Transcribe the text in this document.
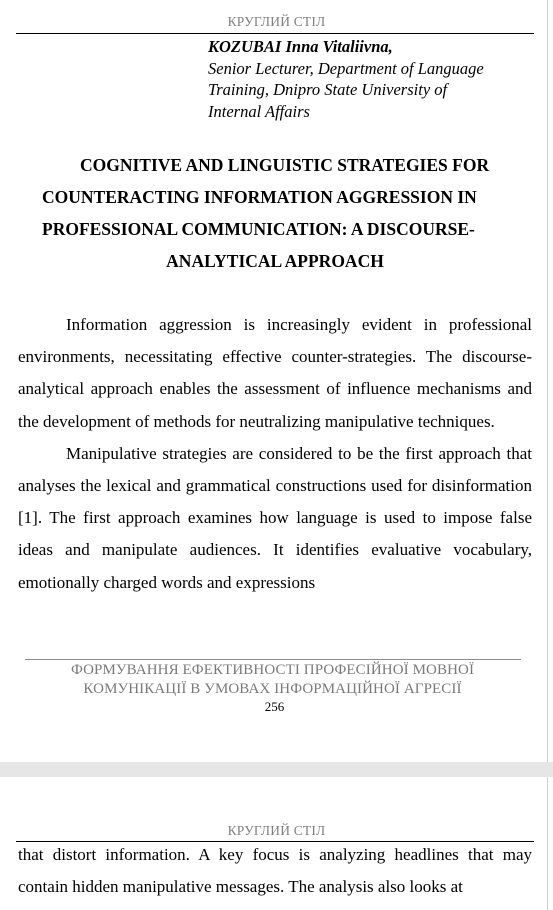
КРУГЛИЙ СТІЛ
KOZUBAI Inna Vitaliivna,
Senior Lecturer, Department of Language
Training, Dnipro State University of
Internal Affairs
COGNITIVE AND LINGUISTIC STRATEGIES FOR
COUNTERACTING INFORMATION AGGRESSION IN
PROFESSIONAL COMMUNICATION: A DISCOURSE-
ANALYTICAL APPROACH

Information aggression is increasingly evident in professional environments, necessitating effective counter-strategies. The discourse-analytical approach enables the assessment of influence mechanisms and the development of methods for neutralizing manipulative techniques.

Manipulative strategies are considered to be the first approach that analyses the lexical and grammatical constructions used for disinformation [1]. The first approach examines how language is used to impose false ideas and manipulate audiences. It identifies evaluative vocabulary, emotionally charged words and expressions

ФОРМУВАННЯ ЕФЕКТИВНОСТІ ПРОФЕСІЙНОЇ МОВНОЇ
КОМУНІКАЦІЇ В УМОВАХ ІНФОРМАЦІЙНОЇ АГРЕСІЇ
256
КРУГЛИЙ СТІЛ

that distort information. A key focus is analyzing headlines that may contain hidden manipulative messages. The analysis also looks at
